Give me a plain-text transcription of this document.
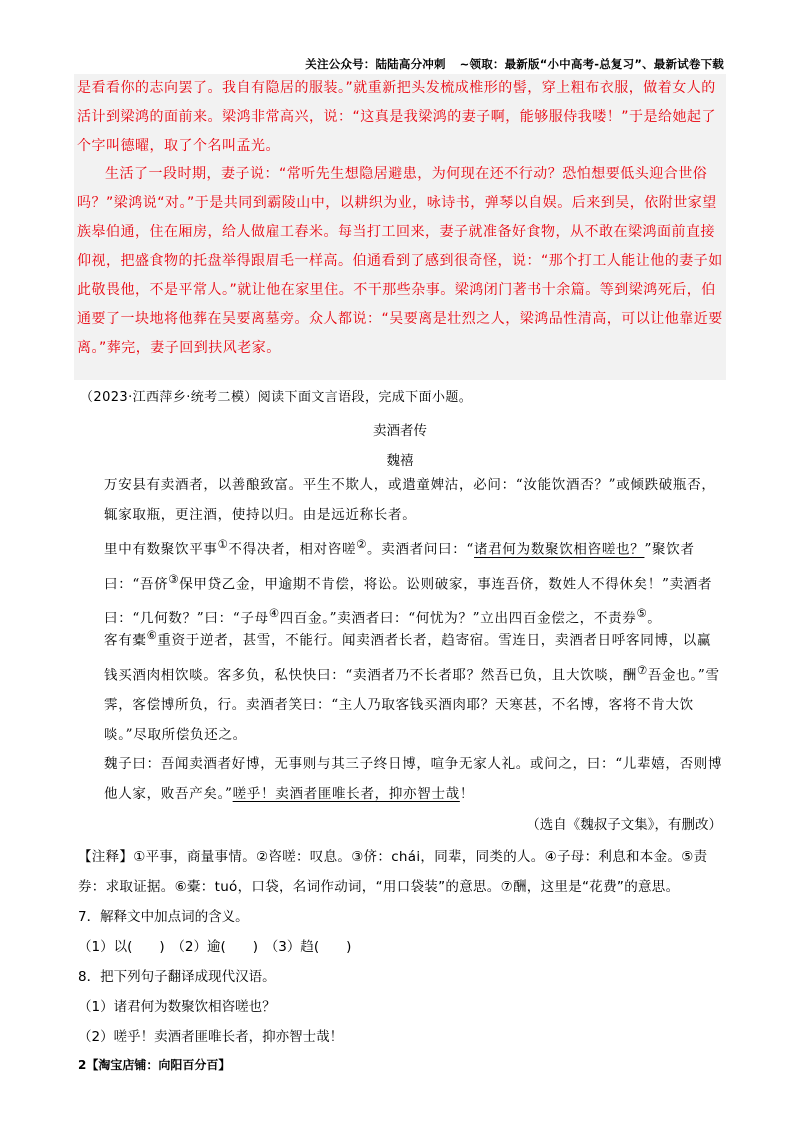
关注公众号：陆陆高分冲刺 ~领取：最新版“小中高考-总复习”、最新试卷下载

是看看你的志向罢了。我自有隐居的服装。”就重新把头发梳成椎形的髻，穿上粗布衣服，做着女人的活计到梁鸿的面前来。梁鸿非常高兴，说：“这真是我梁鸿的妻子啊，能够服侍我喽！”于是给她起了个字叫德曜，取了个名叫孟光。

生活了一段时期，妻子说：“常听先生想隐居避患，为何现在还不行动？恐怕想要低头迎合世俗吗？”梁鸿说“对。”于是共同到霸陵山中，以耕织为业，咏诗书，弹琴以自娱。后来到吴，依附世家望族皋伯通，住在厢房，给人做雇工舂米。每当打工回来，妻子就准备好食物，从不敢在梁鸿面前直接仰视，把盛食物的托盘举得跟眉毛一样高。伯通看到了感到很奇怪，说：“那个打工人能让他的妻子如此敬畏他，不是平常人。”就让他在家里住。不干那些杂事。梁鸿闭门著书十余篇。等到梁鸿死后，伯通要了一块地将他葬在吴要离墓旁。众人都说：“吴要离是壮烈之人，梁鸿品性清高，可以让他靠近要离。”葬完，妻子回到扶风老家。

（2023·江西萍乡·统考二模）阅读下面文言语段，完成下面小题。
卖酒者传
魏禧

万安县有卖酒者，以善酿致富。平生不欺人，或遣童婢沽，必问：“汝能饮酒否？”或倾跌破瓶否，辄家取瓶，更注酒，使持以归。由是远近称长者。

里中有数聚饮平事①不得决者，相对咨嗟②。卖酒者问曰：“诸君何为数聚饮相咨嗟也？”聚饮者曰：“吾侪③保甲贷乙金，甲逾期不肯偿，将讼。讼则破家，事连吾侪，数姓人不得休矣！”卖酒者曰：“几何数？”曰：“子母④四百金。”卖酒者曰：“何忧为？”立出四百金偿之，不责券⑤。

客有橐⑥重资于逆者，甚雪，不能行。闻卖酒者长者，趋寄宿。雪连日，卖酒者日呼客同博，以赢钱买酒肉相饮啖。客多负，私快快曰：“卖酒者乃不长者耶？然吾已负，且大饮啖，酬⑦吾金也。”雪霁，客偿博所负，行。卖酒者笑曰：“主人乃取客钱买酒肉耶？天寒甚，不名博，客将不肯大饮啖。”尽取所偿负还之。

魏子曰：吾闻卖酒者好博，无事则与其三子终日博，喧争无家人礼。或问之，曰：“儿辈嬉，否则博他人家，败吾产矣。”嗟乎！卖酒者匪唯长者，抑亦智士哉！

（选自《魏叔子文集》，有删改）

【注释】①平事，商量事情。②咨嗟：叹息。③侪：chái，同辈，同类的人。④子母：利息和本金。⑤责券：求取证据。⑥橐：tuó，口袋，名词作动词，“用口袋装”的意思。⑦酬，这里是“花费”的意思。

7．解释文中加点词的含义。

（1）以(　　)　（2）逾(　　)　（3）趋(　　)

8．把下列句子翻译成现代汉语。

（1）诸君何为数聚饮相咨嗟也？

（2）嗟乎！卖酒者匪唯长者，抑亦智士哉！

2【淘宝店铺：向阳百分百】
